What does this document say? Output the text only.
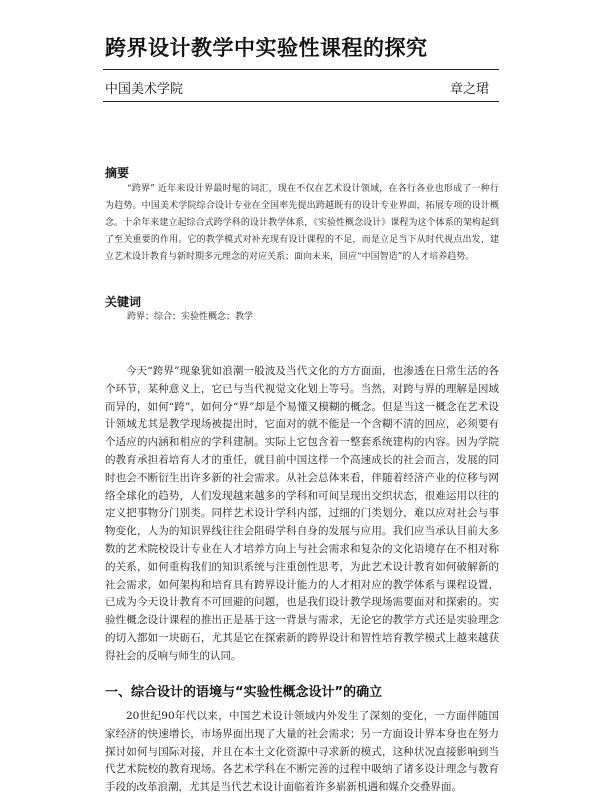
跨界设计教学中实验性课程的探究
中国美术学院	章之珺
摘要

“跨界” 近年来设计界最时髦的词汇，现在不仅在艺术设计领域，在各行各业也形成了一种行为趋势。中国美术学院综合设计专业在全国率先提出跨越既有的设计专业界面，拓展专项的设计概念。十余年来建立起综合式跨学科的设计教学体系，《实验性概念设计》课程为这个体系的架构起到了至关重要的作用。它的教学模式对补充现有设计课程的不足，而是立足当下从时代视点出发，建立艺术设计教育与新时期多元理念的对应关系；面向未来，回应“中国智造”的人才培养趋势。

关键词
跨界；综合；实验性概念；教学

今天“跨界”现象犹如浪潮一般波及当代文化的方方面面，也渗透在日常生活的各个环节，某种意义上，它已与当代视觉文化划上等号。当然，对跨与界的理解是因域而异的，如何“跨”，如何分“界”却是个易懂又模糊的概念。但是当这一概念在艺术设计领域尤其是教学现场被提出时，它面对的就不能是一个含糊不清的回应，必须要有个适应的内涵和相应的学科建制。实际上它包含着一整套系统建构的内容。因为学院的教育承担着培育人才的重任，就目前中国这样一个高速成长的社会而言，发展的同时也会不断衍生出许多新的社会需求。从社会总体来看，伴随着经济产业的位移与网络全球化的趋势，人们发现越来越多的学科和可间呈现出交织状态，很难运用以往的定义把事物分门别类。同样艺术设计学科内部，过细的门类划分，难以应对社会与事物变化，人为的知识界线往往会阻碍学科自身的发展与应用。我们应当承认目前大多数的艺术院校设计专业在人才培养方向上与社会需求和复杂的文化语境存在不相对称的关系，如何重构我们的知识系统与注重创性思考，为此艺术设计教育如何破解新的社会需求，如何架构和培育具有跨界设计能力的人才相对应的教学体系与课程设置，已成为今天设计教育不可回避的问题，也是我们设计教学现场需要面对和探索的。实验性概念设计课程的推出正是基于这一背景与需求，无论它的教学方式还是实验理念的切入都如一块砺石，尤其是它在探索新的跨界设计和智性培育教学模式上越来越获得社会的反响与师生的认同。

一、综合设计的语境与“实验性概念设计”的确立

20世纪90年代以来，中国艺术设计领域内外发生了深刻的变化，一方面伴随国家经济的快速增长，市场界面出现了大量的社会需求；另一方面设计界本身也在努力探讨如何与国际对接，并且在本土文化资源中寻求新的模式，这种状况直接影响到当代艺术院校的教育现场。各艺术学科在不断完善的过程中吸纳了诸多设计理念与教育手段的改革浪潮，尤其是当代艺术设计面临着许多崭新机遇和媒介交叠界面。
